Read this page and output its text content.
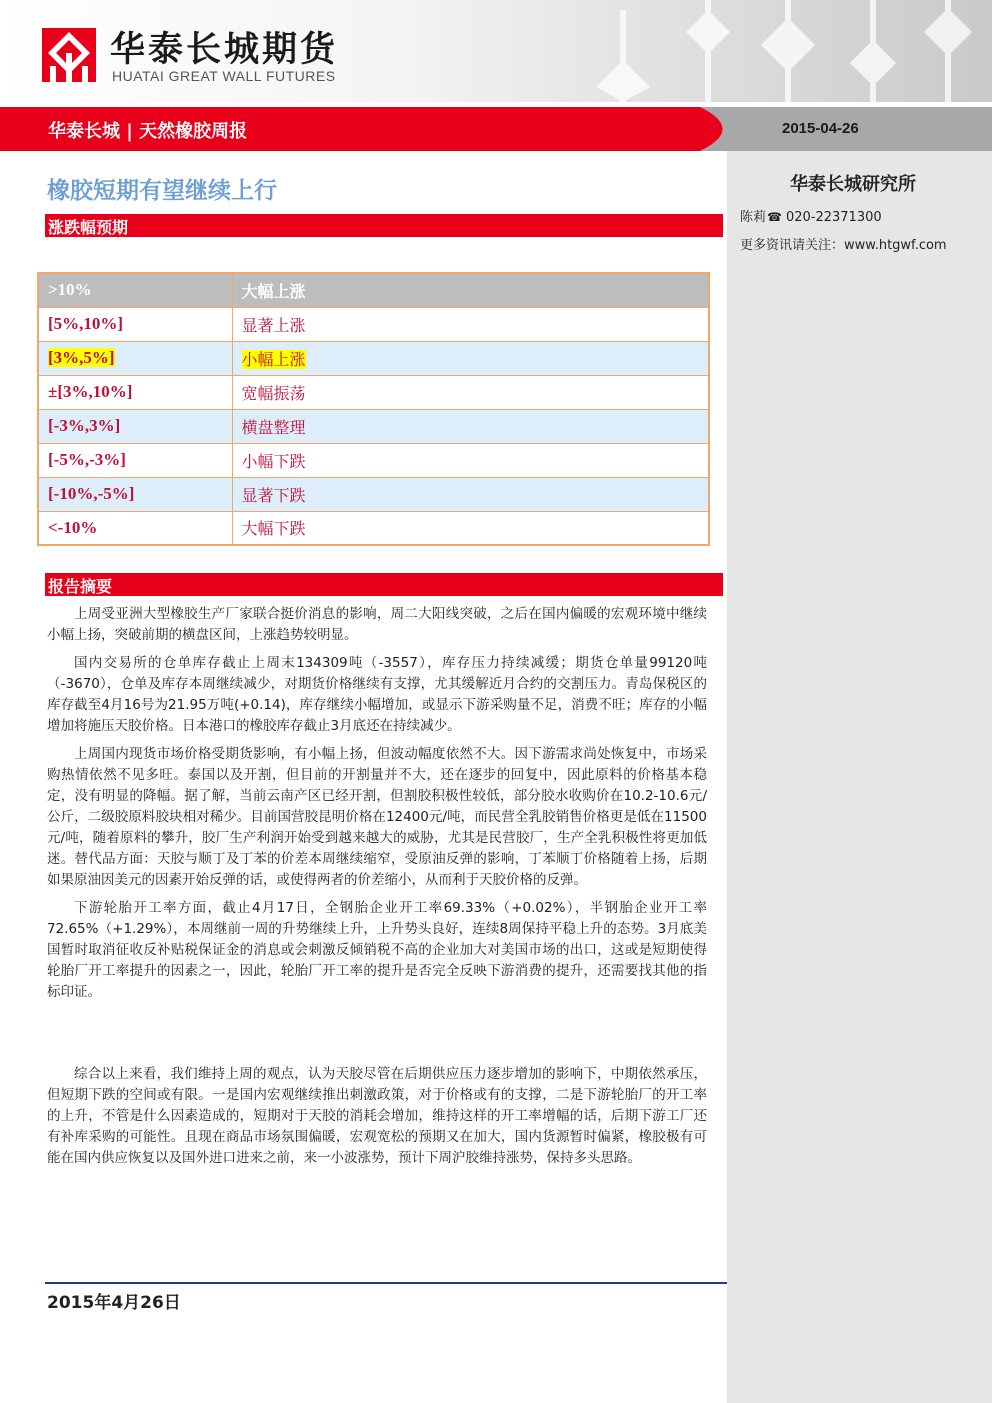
华泰长城期货
HUATAI GREAT WALL FUTURES
华泰长城 | 天然橡胶周报	2015-04-26
华泰长城研究所
陈莉☎ 020-22371300
更多资讯请关注：www.htgwf.com
橡胶短期有望继续上行
涨跌幅预期
>10%	大幅上涨
[5%,10%]	显著上涨
[3%,5%]	小幅上涨
±[3%,10%]	宽幅振荡
[-3%,3%]	横盘整理
[-5%,-3%]	小幅下跌
[-10%,-5%]	显著下跌
<-10%	大幅下跌
报告摘要

上周受亚洲大型橡胶生产厂家联合挺价消息的影响，周二大阳线突破，之后在国内偏暖的宏观环境中继续小幅上扬，突破前期的横盘区间，上涨趋势较明显。

国内交易所的仓单库存截止上周末134309吨（-3557），库存压力持续减缓；期货仓单量99120吨（-3670），仓单及库存本周继续减少，对期货价格继续有支撑，尤其缓解近月合约的交割压力。青岛保税区的库存截至4月16号为21.95万吨(+0.14)，库存继续小幅增加，或显示下游采购量不足，消费不旺；库存的小幅增加将施压天胶价格。日本港口的橡胶库存截止3月底还在持续减少。

上周国内现货市场价格受期货影响，有小幅上扬，但波动幅度依然不大。因下游需求尚处恢复中，市场采购热情依然不见多旺。泰国以及开割，但目前的开割量并不大，还在逐步的回复中，因此原料的价格基本稳定，没有明显的降幅。据了解，当前云南产区已经开割，但割胶积极性较低，部分胶水收购价在10.2-10.6元/公斤，二级胶原料胶块相对稀少。目前国营胶昆明价格在12400元/吨，而民营全乳胶销售价格更是低在11500元/吨，随着原料的攀升，胶厂生产利润开始受到越来越大的威胁，尤其是民营胶厂，生产全乳积极性将更加低迷。替代品方面：天胶与顺丁及丁苯的价差本周继续缩窄，受原油反弹的影响，丁苯顺丁价格随着上扬，后期如果原油因美元的因素开始反弹的话，或使得两者的价差缩小，从而利于天胶价格的反弹。

下游轮胎开工率方面，截止4月17日，全钢胎企业开工率69.33%（+0.02%），半钢胎企业开工率72.65%（+1.29%），本周继前一周的升势继续上升，上升势头良好，连续8周保持平稳上升的态势。3月底美国暂时取消征收反补贴税保证金的消息或会刺激反倾销税不高的企业加大对美国市场的出口，这或是短期使得轮胎厂开工率提升的因素之一，因此，轮胎厂开工率的提升是否完全反映下游消费的提升，还需要找其他的指标印证。

综合以上来看，我们维持上周的观点，认为天胶尽管在后期供应压力逐步增加的影响下，中期依然承压，但短期下跌的空间或有限。一是国内宏观继续推出刺激政策，对于价格或有的支撑，二是下游轮胎厂的开工率的上升，不管是什么因素造成的，短期对于天胶的消耗会增加，维持这样的开工率增幅的话，后期下游工厂还有补库采购的可能性。且现在商品市场氛围偏暖，宏观宽松的预期又在加大，国内货源暂时偏紧，橡胶极有可能在国内供应恢复以及国外进口进来之前，来一小波涨势，预计下周沪胶维持涨势，保持多头思路。

2015年4月26日
